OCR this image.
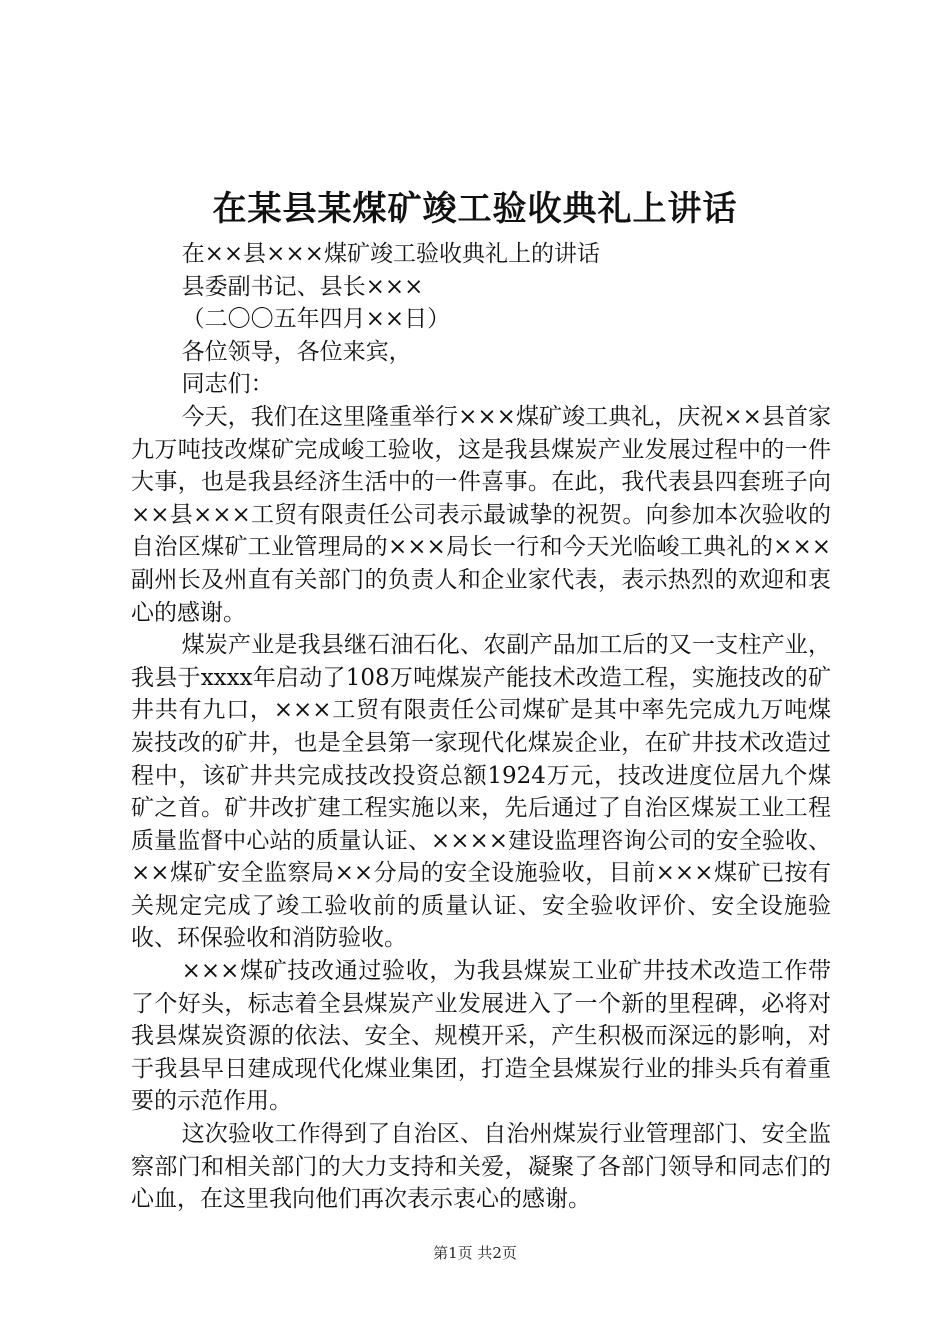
在某县某煤矿竣工验收典礼上讲话

在××县×××煤矿竣工验收典礼上的讲话

县委副书记、县长×××

（二〇〇五年四月××日）

各位领导，各位来宾，

同志们：

今天，我们在这里隆重举行×××煤矿竣工典礼，庆祝××县首家九万吨技改煤矿完成峻工验收，这是我县煤炭产业发展过程中的一件大事，也是我县经济生活中的一件喜事。在此，我代表县四套班子向××县×××工贸有限责任公司表示最诚挚的祝贺。向参加本次验收的自治区煤矿工业管理局的×××局长一行和今天光临峻工典礼的×××副州长及州直有关部门的负责人和企业家代表，表示热烈的欢迎和衷心的感谢。

煤炭产业是我县继石油石化、农副产品加工后的又一支柱产业，我县于xxxx年启动了108万吨煤炭产能技术改造工程，实施技改的矿井共有九口，×××工贸有限责任公司煤矿是其中率先完成九万吨煤炭技改的矿井，也是全县第一家现代化煤炭企业，在矿井技术改造过程中，该矿井共完成技改投资总额1924万元，技改进度位居九个煤矿之首。矿井改扩建工程实施以来，先后通过了自治区煤炭工业工程质量监督中心站的质量认证、××××建设监理咨询公司的安全验收、××煤矿安全监察局××分局的安全设施验收，目前×××煤矿已按有关规定完成了竣工验收前的质量认证、安全验收评价、安全设施验收、环保验收和消防验收。

×××煤矿技改通过验收，为我县煤炭工业矿井技术改造工作带了个好头，标志着全县煤炭产业发展进入了一个新的里程碑，必将对我县煤炭资源的依法、安全、规模开采，产生积极而深远的影响，对于我县早日建成现代化煤业集团，打造全县煤炭行业的排头兵有着重要的示范作用。

这次验收工作得到了自治区、自治州煤炭行业管理部门、安全监察部门和相关部门的大力支持和关爱，凝聚了各部门领导和同志们的心血，在这里我向他们再次表示衷心的感谢。

第1页 共2页
